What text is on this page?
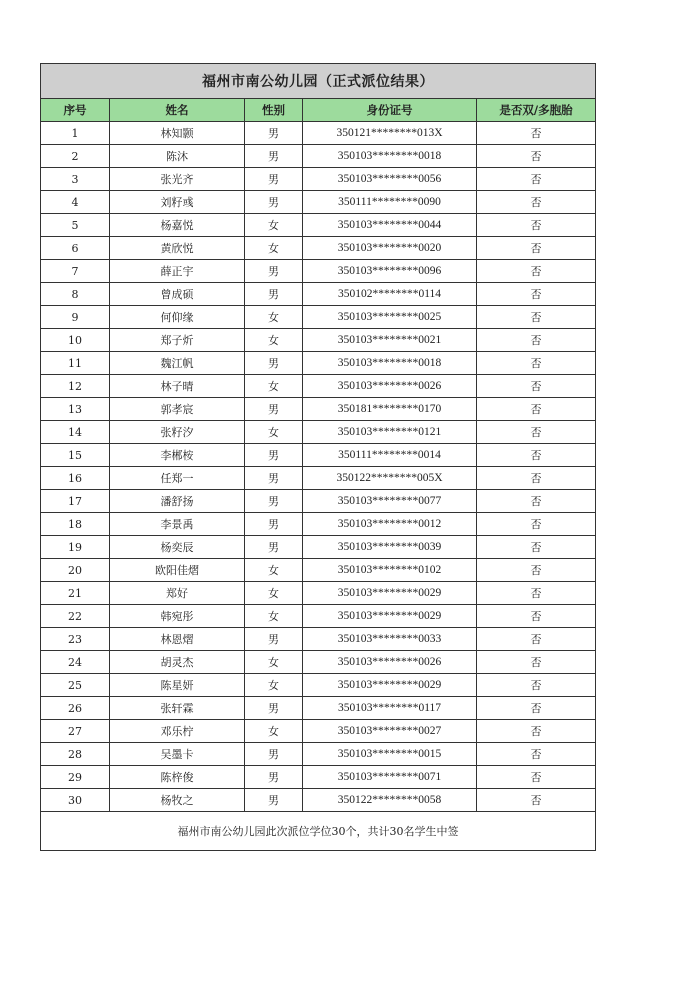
福州市南公幼儿园（正式派位结果）				
序号	姓名	性别	身份证号	是否双/多胞胎
1	林知颢	男	350121********013X	否
2	陈沐	男	350103********0018	否
3	张光齐	男	350103********0056	否
4	刘籽彧	男	350111********0090	否
5	杨嘉悦	女	350103********0044	否
6	黄欣悦	女	350103********0020	否
7	薛正宇	男	350103********0096	否
8	曾成硕	男	350102********0114	否
9	何仰缘	女	350103********0025	否
10	郑子炘	女	350103********0021	否
11	魏江帆	男	350103********0018	否
12	林子晴	女	350103********0026	否
13	郭孝宸	男	350181********0170	否
14	张籽汐	女	350103********0121	否
15	李郴桉	男	350111********0014	否
16	任郑一	男	350122********005X	否
17	潘舒扬	男	350103********0077	否
18	李景禹	男	350103********0012	否
19	杨奕辰	男	350103********0039	否
20	欧阳佳熠	女	350103********0102	否
21	郑好	女	350103********0029	否
22	韩宛彤	女	350103********0029	否
23	林恩熠	男	350103********0033	否
24	胡灵杰	女	350103********0026	否
25	陈星妍	女	350103********0029	否
26	张轩霖	男	350103********0117	否
27	邓乐柠	女	350103********0027	否
28	吴墨卡	男	350103********0015	否
29	陈梓俊	男	350103********0071	否
30	杨牧之	男	350122********0058	否
福州市南公幼儿园此次派位学位30个，共计30名学生中签				
